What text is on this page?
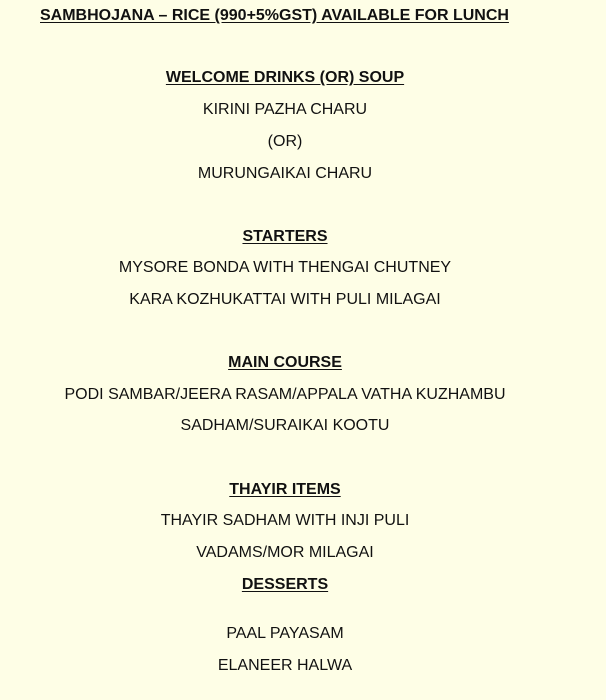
SAMBHOJANA – RICE (990+5%GST) AVAILABLE FOR LUNCH
WELCOME DRINKS (OR) SOUP
KIRINI PAZHA CHARU
(OR)
MURUNGAIKAI CHARU
STARTERS
MYSORE BONDA WITH THENGAI CHUTNEY
KARA KOZHUKATTAI WITH PULI MILAGAI
MAIN COURSE
PODI SAMBAR/JEERA RASAM/APPALA VATHA KUZHAMBU
SADHAM/SURAIKAI KOOTU
THAYIR ITEMS
THAYIR SADHAM WITH INJI PULI
VADAMS/MOR MILAGAI
DESSERTS
PAAL PAYASAM
ELANEER HALWA
